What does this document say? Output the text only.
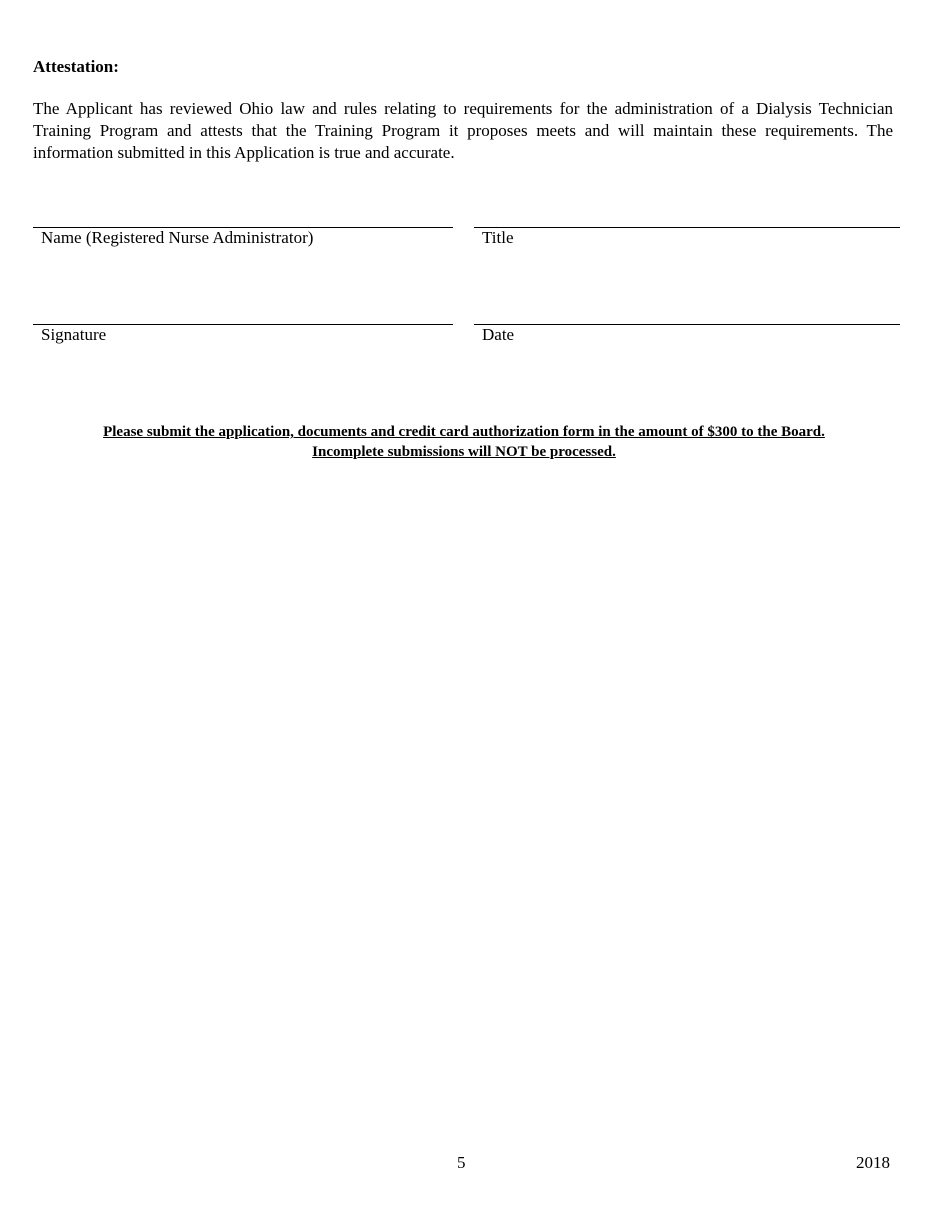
Attestation:
The Applicant has reviewed Ohio law and rules relating to requirements for the administration of a Dialysis Technician Training Program and attests that the Training Program it proposes meets and will maintain these requirements. The information submitted in this Application is true and accurate.
Name (Registered Nurse Administrator)	Title
Signature	Date
Please submit the application, documents and credit card authorization form in the amount of $300 to the Board.
Incomplete submissions will NOT be processed.
5	2018
